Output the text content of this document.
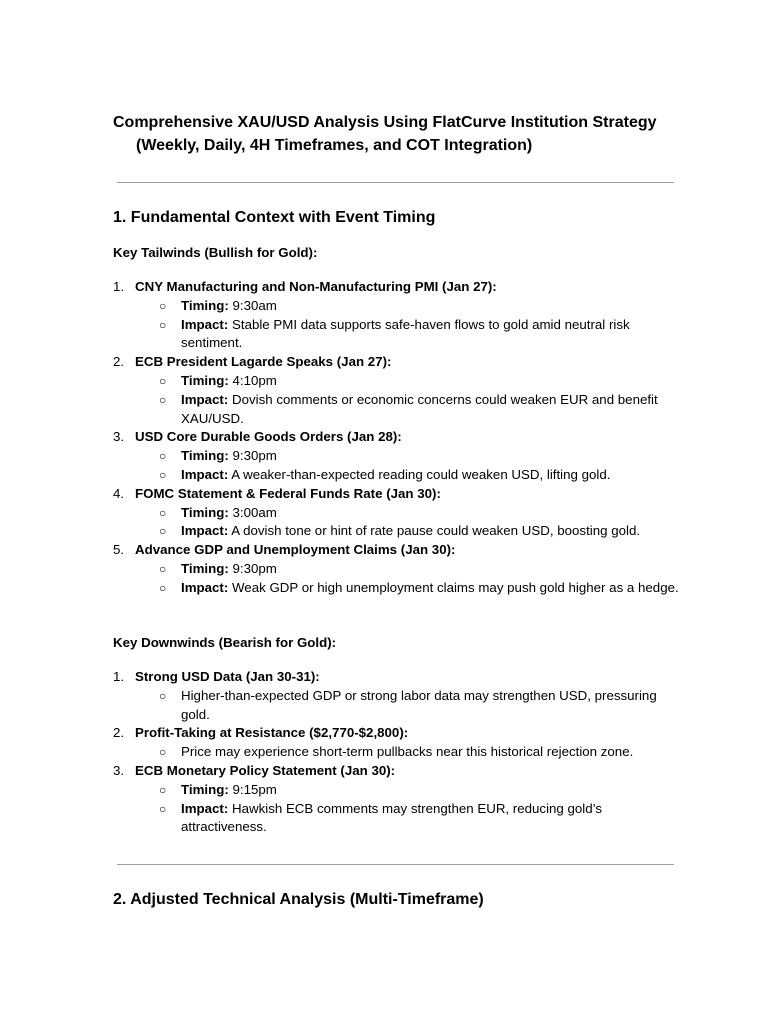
Comprehensive XAU/USD Analysis Using FlatCurve Institution Strategy
(Weekly, Daily, 4H Timeframes, and COT Integration)
1. Fundamental Context with Event Timing
Key Tailwinds (Bullish for Gold):
1. CNY Manufacturing and Non-Manufacturing PMI (Jan 27):
○ Timing: 9:30am
○ Impact: Stable PMI data supports safe-haven flows to gold amid neutral risk sentiment.
2. ECB President Lagarde Speaks (Jan 27):
○ Timing: 4:10pm
○ Impact: Dovish comments or economic concerns could weaken EUR and benefit XAU/USD.
3. USD Core Durable Goods Orders (Jan 28):
○ Timing: 9:30pm
○ Impact: A weaker-than-expected reading could weaken USD, lifting gold.
4. FOMC Statement & Federal Funds Rate (Jan 30):
○ Timing: 3:00am
○ Impact: A dovish tone or hint of rate pause could weaken USD, boosting gold.
5. Advance GDP and Unemployment Claims (Jan 30):
○ Timing: 9:30pm
○ Impact: Weak GDP or high unemployment claims may push gold higher as a hedge.
Key Downwinds (Bearish for Gold):
1. Strong USD Data (Jan 30-31):
○ Higher-than-expected GDP or strong labor data may strengthen USD, pressuring gold.
2. Profit-Taking at Resistance ($2,770-$2,800):
○ Price may experience short-term pullbacks near this historical rejection zone.
3. ECB Monetary Policy Statement (Jan 30):
○ Timing: 9:15pm
○ Impact: Hawkish ECB comments may strengthen EUR, reducing gold’s attractiveness.
2. Adjusted Technical Analysis (Multi-Timeframe)
